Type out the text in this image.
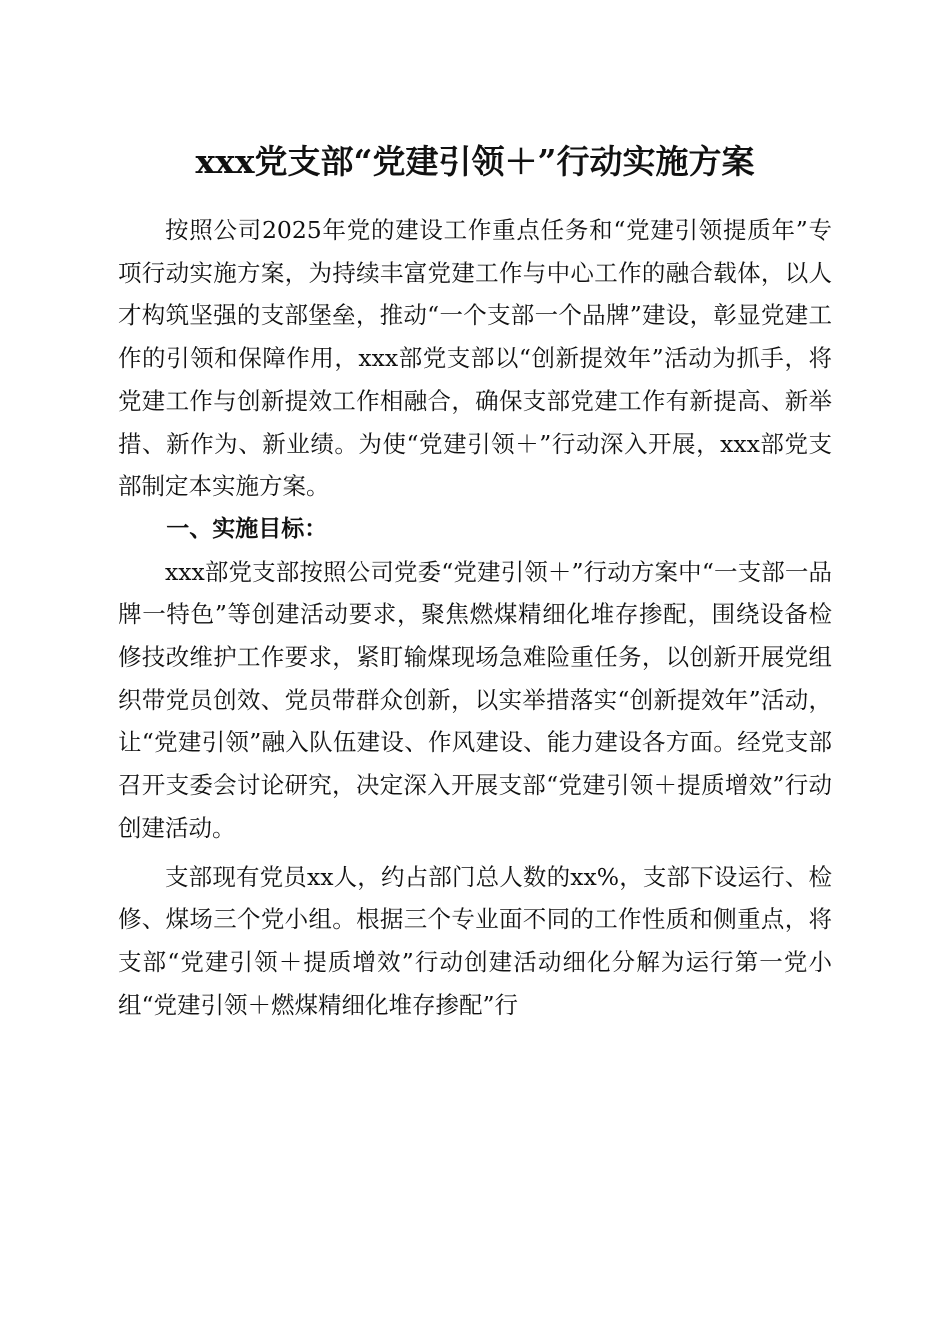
xxx党支部“党建引领＋”行动实施方案

按照公司2025年党的建设工作重点任务和“党建引领提质年”专项行动实施方案，为持续丰富党建工作与中心工作的融合载体，以人才构筑坚强的支部堡垒，推动“一个支部一个品牌”建设，彰显党建工作的引领和保障作用，xxx部党支部以“创新提效年”活动为抓手，将党建工作与创新提效工作相融合，确保支部党建工作有新提高、新举措、新作为、新业绩。为使“党建引领＋”行动深入开展，xxx部党支部制定本实施方案。

一、实施目标：

xxx部党支部按照公司党委“党建引领＋”行动方案中“一支部一品牌一特色”等创建活动要求，聚焦燃煤精细化堆存掺配，围绕设备检修技改维护工作要求，紧盯输煤现场急难险重任务，以创新开展党组织带党员创效、党员带群众创新，以实举措落实“创新提效年”活动，让“党建引领”融入队伍建设、作风建设、能力建设各方面。经党支部召开支委会讨论研究，决定深入开展支部“党建引领＋提质增效”行动创建活动。

支部现有党员xx人，约占部门总人数的xx%，支部下设运行、检修、煤场三个党小组。根据三个专业面不同的工作性质和侧重点，将支部“党建引领＋提质增效”行动创建活动细化分解为运行第一党小组“党建引领＋燃煤精细化堆存掺配”行
